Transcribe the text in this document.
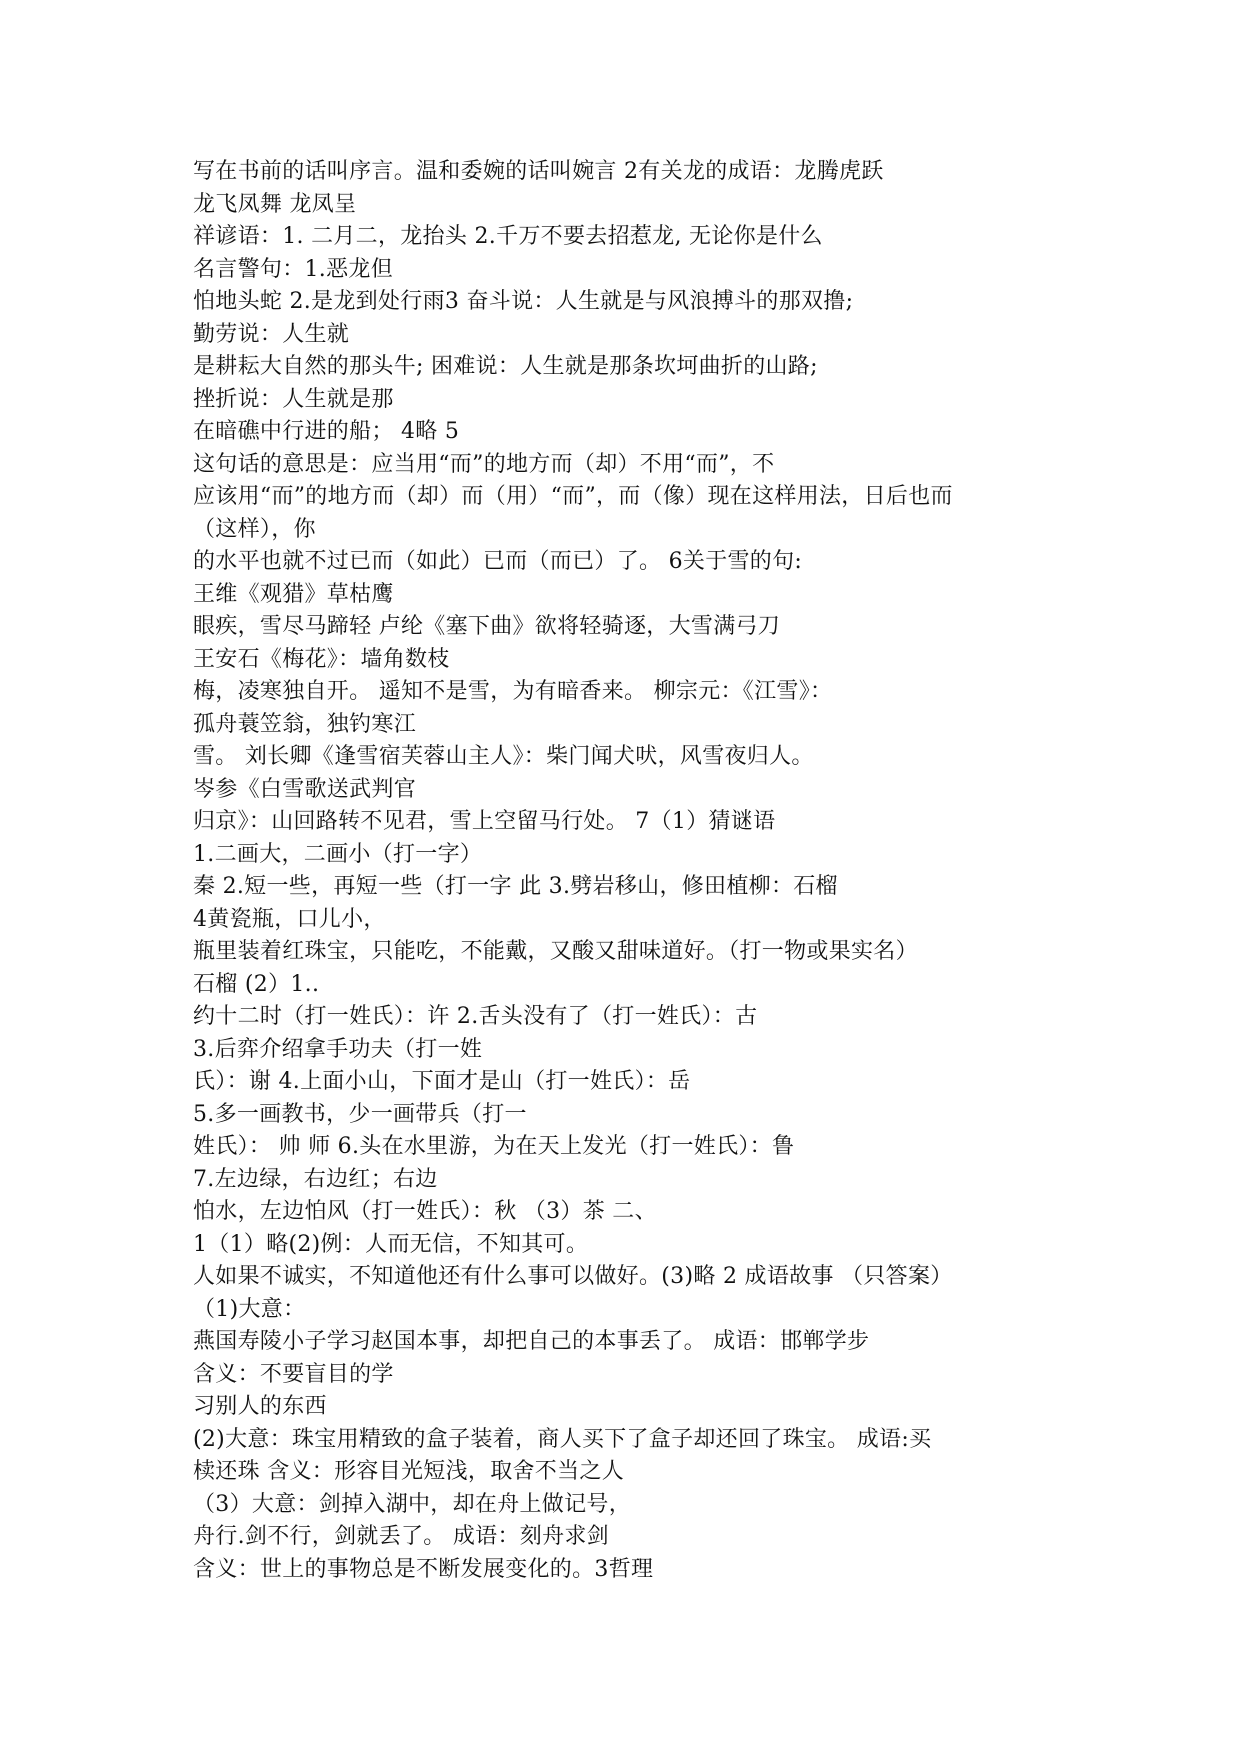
写在书前的话叫序言。温和委婉的话叫婉言 2有关龙的成语：龙腾虎跃
龙飞凤舞 龙凤呈
祥谚语：1. 二月二，龙抬头 2.千万不要去招惹龙, 无论你是什么
名言警句：1.恶龙但
怕地头蛇 2.是龙到处行雨3 奋斗说：人生就是与风浪搏斗的那双撸;
勤劳说：人生就
是耕耘大自然的那头牛; 困难说：人生就是那条坎坷曲折的山路;
挫折说：人生就是那
在暗礁中行进的船； 4略 5
这句话的意思是：应当用“而”的地方而（却）不用“而”，不
应该用“而”的地方而（却）而（用）“而”，而（像）现在这样用法，日后也而
（这样），你
的水平也就不过已而（如此）已而（而已）了。 6关于雪的句:
王维《观猎》草枯鹰
眼疾，雪尽马蹄轻 卢纶《塞下曲》欲将轻骑逐，大雪满弓刀
王安石《梅花》：墙角数枝
梅，凌寒独自开。 遥知不是雪，为有暗香来。 柳宗元：《江雪》：
孤舟蓑笠翁，独钓寒江
雪。 刘长卿《逢雪宿芙蓉山主人》：柴门闻犬吠，风雪夜归人。
岑参《白雪歌送武判官
归京》：山回路转不见君，雪上空留马行处。 7（1）猜谜语
1.二画大，二画小（打一字）
秦 2.短一些，再短一些（打一字 此 3.劈岩移山，修田植柳：石榴
4黄瓷瓶，口儿小，
瓶里装着红珠宝，只能吃，不能戴，又酸又甜味道好。（打一物或果实名）
石榴 (2）1..
约十二时（打一姓氏）：许 2.舌头没有了（打一姓氏）：古
3.后弈介绍拿手功夫（打一姓
氏）：谢 4.上面小山，下面才是山（打一姓氏）：岳
5.多一画教书，少一画带兵（打一
姓氏）： 帅 师 6.头在水里游，为在天上发光（打一姓氏）：鲁
7.左边绿，右边红；右边
怕水，左边怕风（打一姓氏）：秋 （3）茶 二、
1（1）略(2)例：人而无信，不知其可。
人如果不诚实，不知道他还有什么事可以做好。(3)略 2 成语故事 （只答案）
（1)大意：
燕国寿陵小子学习赵国本事，却把自己的本事丢了。 成语：邯郸学步
含义：不要盲目的学
习别人的东西
(2)大意：珠宝用精致的盒子装着，商人买下了盒子却还回了珠宝。 成语:买
椟还珠 含义：形容目光短浅，取舍不当之人
（3）大意：剑掉入湖中，却在舟上做记号，
舟行.剑不行，剑就丢了。 成语：刻舟求剑
含义：世上的事物总是不断发展变化的。3哲理
